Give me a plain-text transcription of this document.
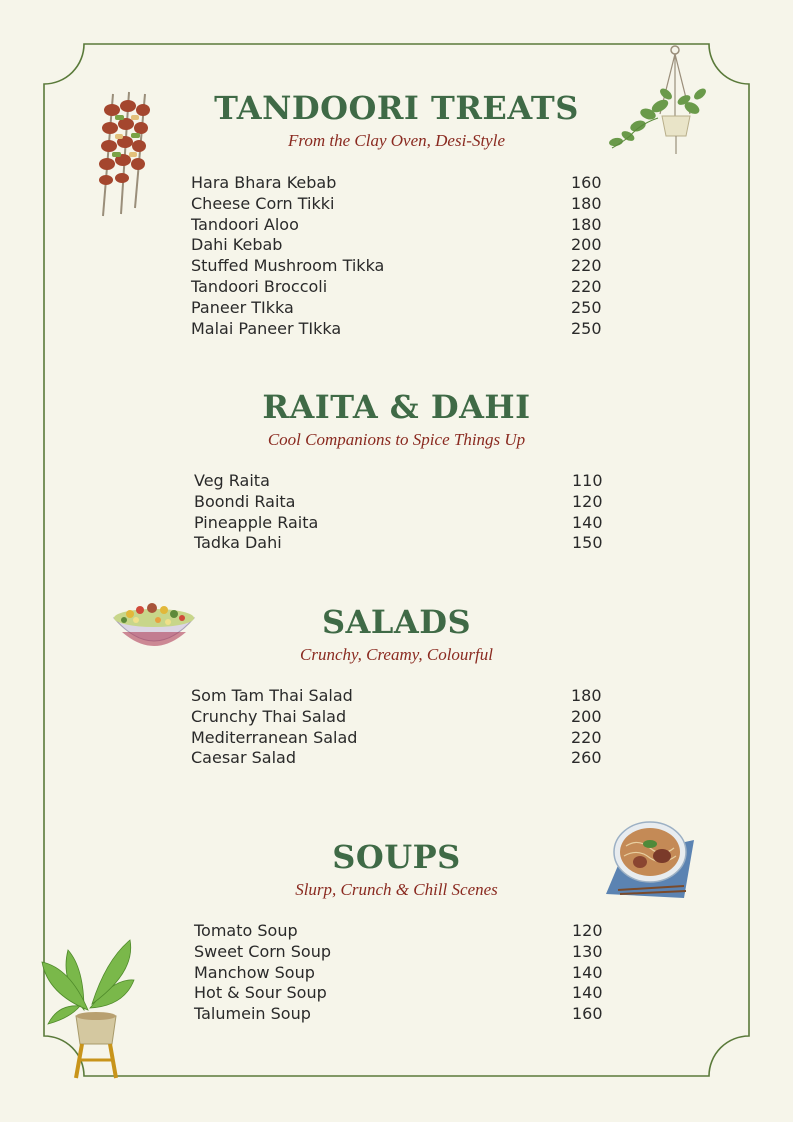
TANDOORI TREATS
From the Clay Oven, Desi-Style
Hara Bhara Kebab	160
Cheese Corn Tikki	180
Tandoori Aloo	180
Dahi Kebab	200
Stuffed Mushroom Tikka	220
Tandoori Broccoli	220
Paneer TIkka	250
Malai Paneer TIkka	250
RAITA & DAHI
Cool Companions to Spice Things Up
Veg Raita	110
Boondi Raita	120
Pineapple Raita	140
Tadka Dahi	150
SALADS
Crunchy, Creamy, Colourful
Som Tam Thai Salad	180
Crunchy Thai Salad	200
Mediterranean Salad	220
Caesar Salad	260
SOUPS
Slurp, Crunch & Chill Scenes
Tomato Soup	120
Sweet Corn Soup	130
Manchow Soup	140
Hot & Sour Soup	140
Talumein Soup	160
